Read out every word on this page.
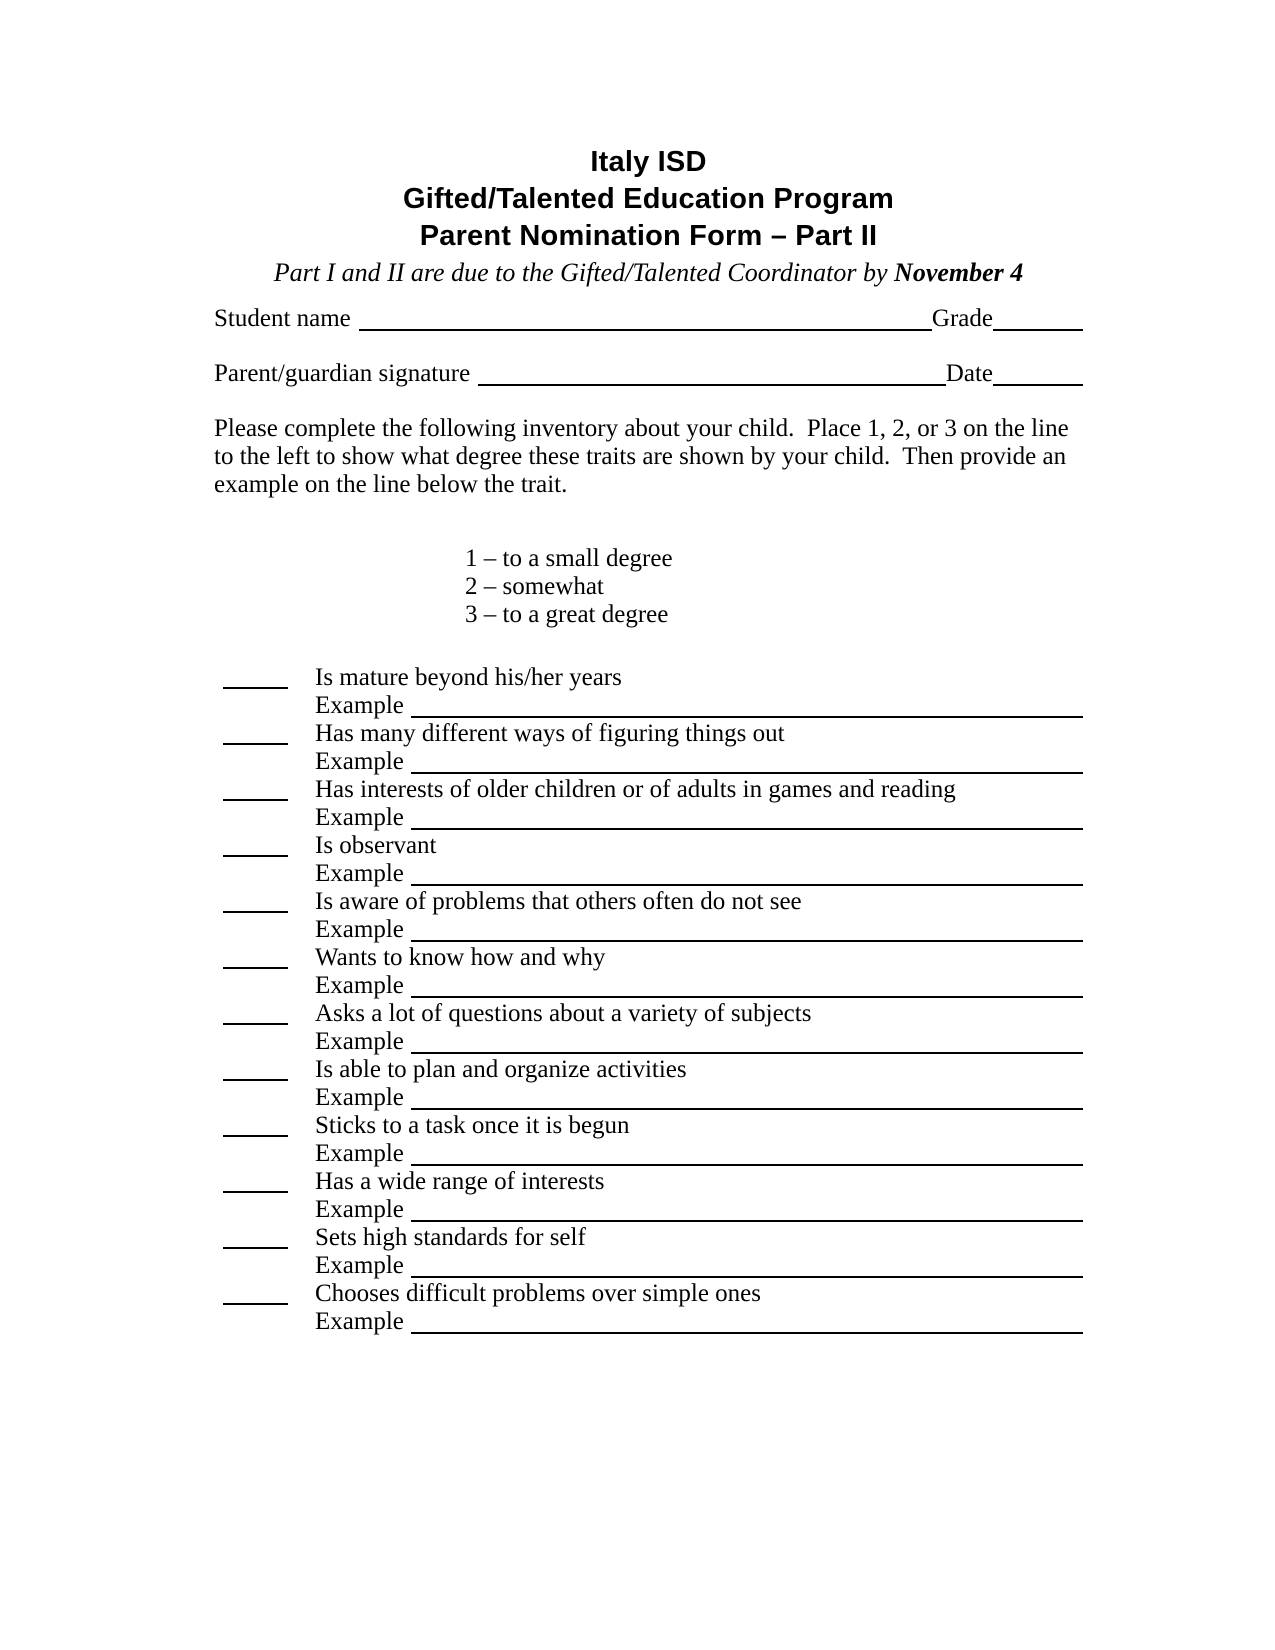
Italy ISD
Gifted/Talented Education Program
Parent Nomination Form – Part II
Part I and II are due to the Gifted/Talented Coordinator by November 4
Student name	Grade
Parent/guardian signature	Date
Please complete the following inventory about your child.  Place 1, 2, or 3 on the line
to the left to show what degree these traits are shown by your child.  Then provide an
example on the line below the trait.
1 – to a small degree
2 – somewhat
3 – to a great degree
Is mature beyond his/her years
Example
Has many different ways of figuring things out
Example
Has interests of older children or of adults in games and reading
Example
Is observant
Example
Is aware of problems that others often do not see
Example
Wants to know how and why
Example
Asks a lot of questions about a variety of subjects
Example
Is able to plan and organize activities
Example
Sticks to a task once it is begun
Example
Has a wide range of interests
Example
Sets high standards for self
Example
Chooses difficult problems over simple ones
Example
